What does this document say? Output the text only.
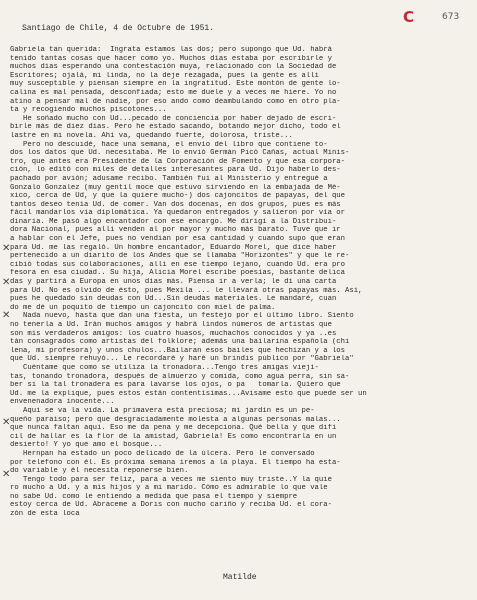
C	673
Santiago de Chile, 4 de Octubre de 1951.
Gabriela tan querida:  Ingrata estamos las dos; pero supongo que Ud. habrá
tenido tantas cosas que hacer como yo. Muchos días estaba por escribirle y
muchos días esperando una contestación muya, relacionado con la Sociedad de
Escritores; ojalá, mi linda, no la deje rezagada, pues la gente es allí
muy susceptible y piensan siempre en la ingratitud. Este montón de gente lo-
calina es mal pensada, desconfiada; esto me duele y a veces me hiere. Yo no
atino a pensar mal de nadie, por eso ando como deambulando como en otro pla-
ta y recogiendo muchos piscotones...
He soñado mucho con Ud...pecado de conciencia por haber dejado de escri-
birle más de diez días. Pero he estado sacando, botando mejor dicho, todo el
lastre en mi novela. Ahí va, quedando fuerte, dolorosa, triste...
Pero no descuidé, hace una semana, el envío del libro que contiene to-
dos los datos que Ud. necesitaba. Me lo envió Germán Picó Cañas, actual Minis-
tro, que antes era Presidente de la Corporación de Fomento y que esa corpora-
ción, lo editó con miles de detalles interesantes para Ud. Dijo haberlo des-
pachado por avión; adusame recibo. También fui al Ministerio y entregué a
Gonzalo Gonzalez (muy gentil moce que estuvo sirviendo en la embajada de Mé-
xico, cerca de Ud, y que la quiere mucho-) dos cajoncitos de papayas, del que
tantos deseo tenía Ud. de comer. Van dos docenas, en dos grupos, pues es más
fácil mandarlos vía diplomática. Ya quedaron entregados y salieron por vía or
dinaria. Me pasó algo encantador con ese encargo. Me dirigí a la Distribui-
dora Nacional, pues allí venden al por mayor y mucho más barato. Tuve que ir
a hablar con el Jefe, pues no vendían por esa cantidad y cuando supo que eran
para Ud. me las regaló. Un hombre encantador, Eduardo Morel, que dice haber
pertenecido a un diarito de los Andes que se llamaba "Horizontes" y que le re-
cibió todas sus colaboraciones, allí en ese tiempo lejano, cuando Ud. era pro
fesora en esa ciudad.. Su hija, Alicia Morel escribe poesías, bastante delica
das y partirá a Europa en unos días más. Piensa ir a verla; le dí una carta
para Ud. No es olvido de ésto, pues Mexila ... le llevará otras papayas más. Así,
pues he quedado sin deudas con Ud...Sin deudas materiales. Le mandaré, cuan
do me dé un poquito de tiempo un cajoncito con miel de palma.
Nada nuevo, hasta que dan una fiesta, un festejo por el último libro. Siento
no tenerla a Ud. Irán muchos amigos y habrá lindos números de artistas que
son mis verdaderos amigos: los cuatro huasos, muchachos conocidos y ya ..es
tán consagrados como artistas del folklore; además una bailarina española (chi
lena, mi profesora) y unos chulos...Bailaran esos bailes que hechizan y a los
que Ud. siempre rehuyó... Le recordaré y haré un brindis público por "Gabriela"
Cuéntame que como se utiliza la tronadora...Tengo tres amigas viejí-
tas, tonando tronadora, después de almuerzo y comida, como agua perra, sin sa-
ber si la tal tronadera es para lavarse los ojos, o pa   tomarla. Quiero que
Ud. me la explique, pues estos están contentísimas...Avisame esto que puede ser un
envenenadora inocente...
Aquí se va la vida. La primavera está preciosa; mi jardín es un pe-
queño paraíso; pero que desgraciadamente molesta a algunas personas malas...
que nunca faltan aquí. Eso me da pena y me decepciona. Qué bella y que difí
cil de hallar es la flor de la amistad, Gabriela! Es como encontrarla en un
desierto! Y yo que amo el bosque...
Hernpan ha estado un poco delicado de la úlcera. Pero le conversado
por telefono con él. Es próxima semana iremos a la playa. El tiempo ha esta-
do variable y él necesita reponerse bien.
Tengo todo para ser feliz, para a veces me siento muy triste..Y la quie
ro mucho a Ud. y a mis hijos y a mi marido. Cómo es admirable lo que vale
no sabe Ud. como le entiendo a medida que pasa el tiempo y siempre
estoy cerca de Ud. Abraceme a Doris con mucho cariño y reciba Ud. el cora-
zón de esta loca
✕
✕
✕
✕
✕
Matilde
